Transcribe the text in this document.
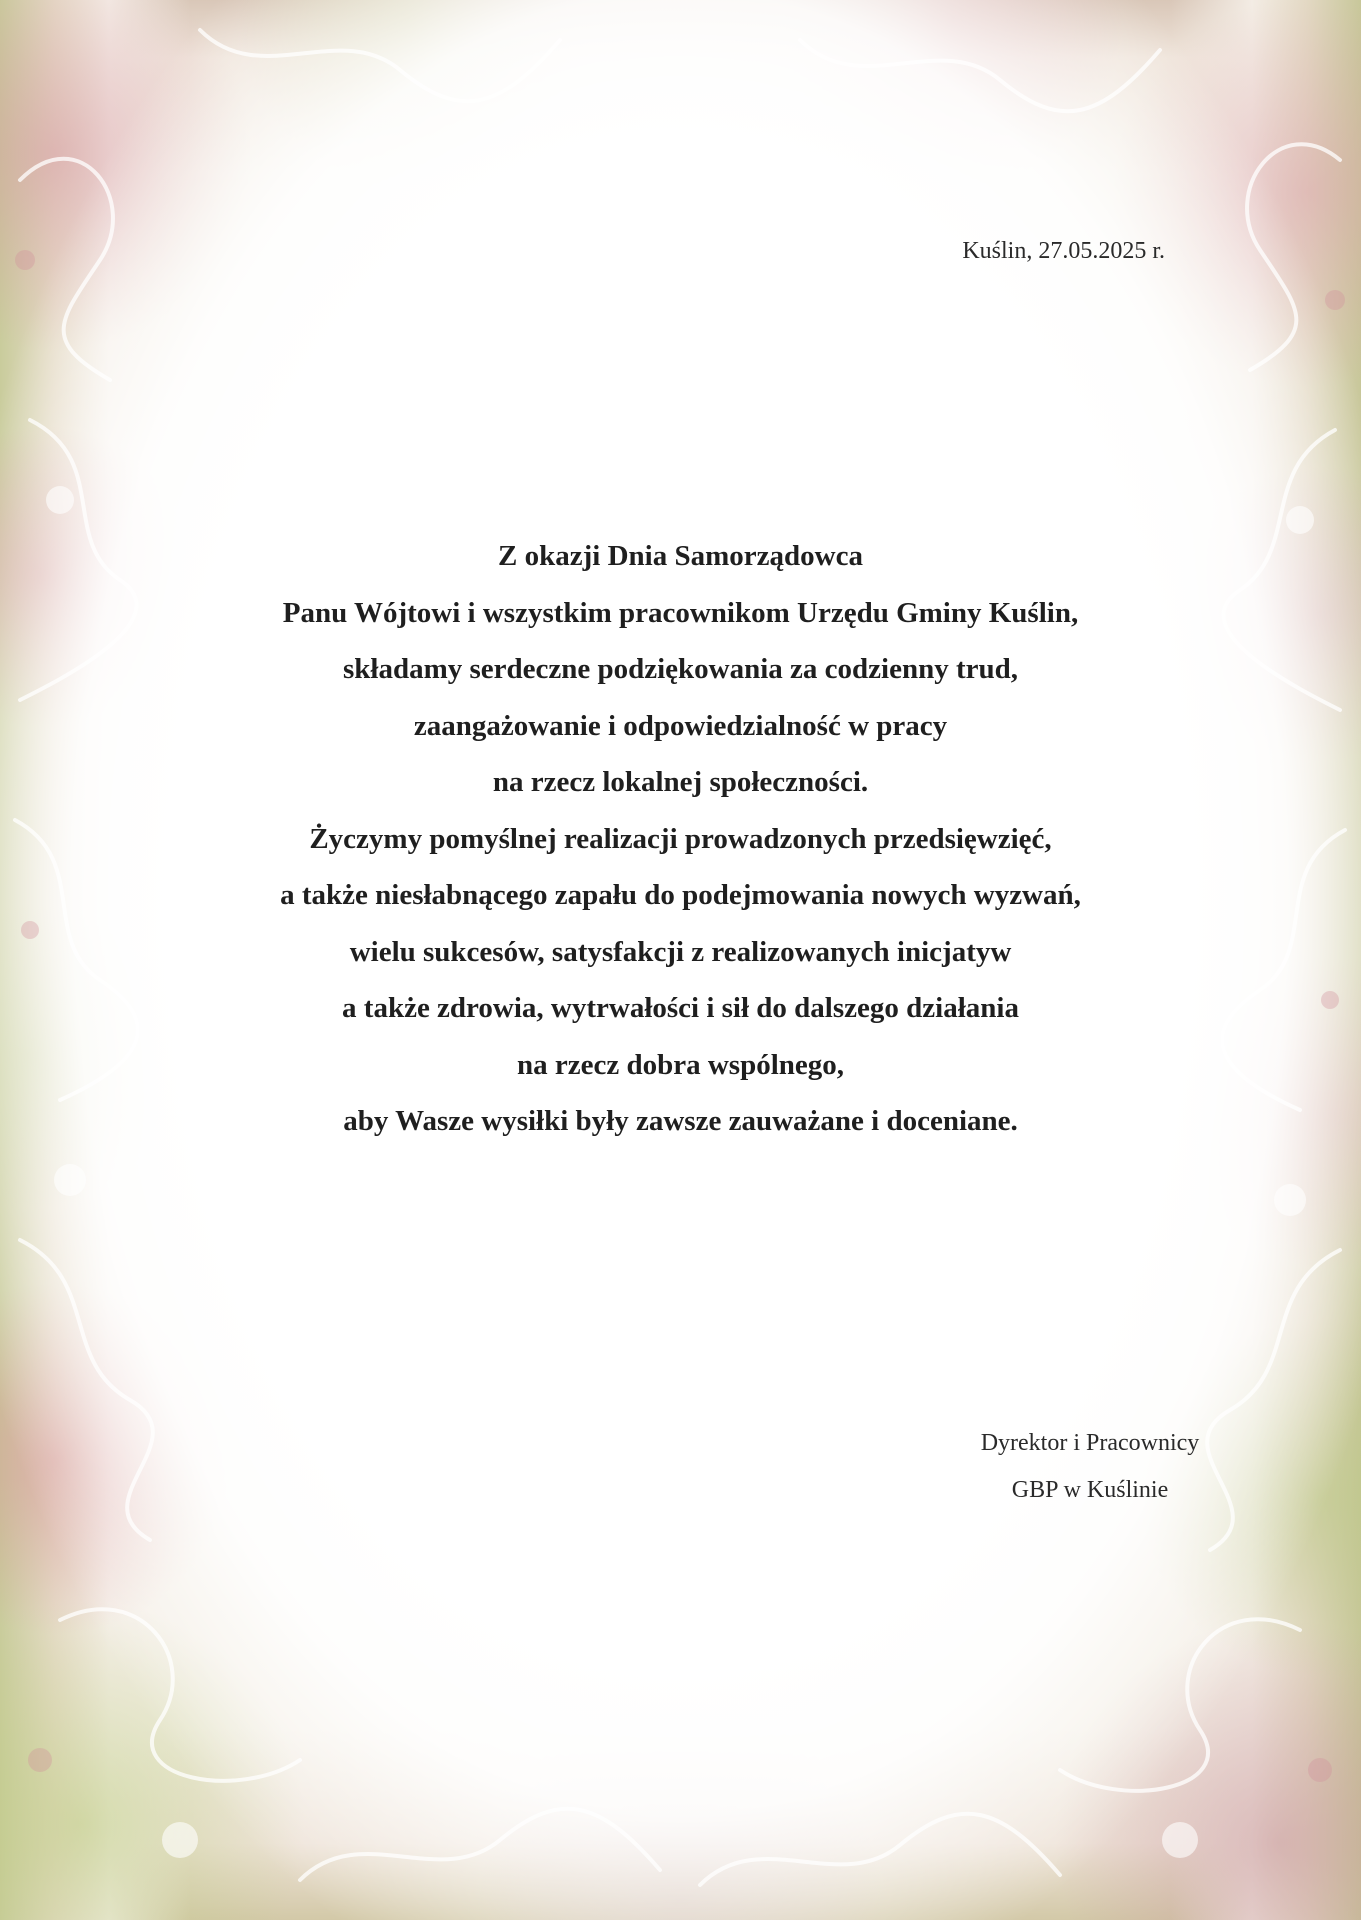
Kuślin, 27.05.2025 r.
Z okazji Dnia Samorządowca
Panu Wójtowi i wszystkim pracownikom Urzędu Gminy Kuślin,
składamy serdeczne podziękowania za codzienny trud,
zaangażowanie i odpowiedzialność w pracy
na rzecz lokalnej społeczności.
Życzymy pomyślnej realizacji prowadzonych przedsięwzięć,
a także niesłabnącego zapału do podejmowania nowych wyzwań,
wielu sukcesów, satysfakcji z realizowanych inicjatyw
a także zdrowia, wytrwałości i sił do dalszego działania
na rzecz dobra wspólnego,
aby Wasze wysiłki były zawsze zauważane i doceniane.
Dyrektor i Pracownicy
GBP w Kuślinie
